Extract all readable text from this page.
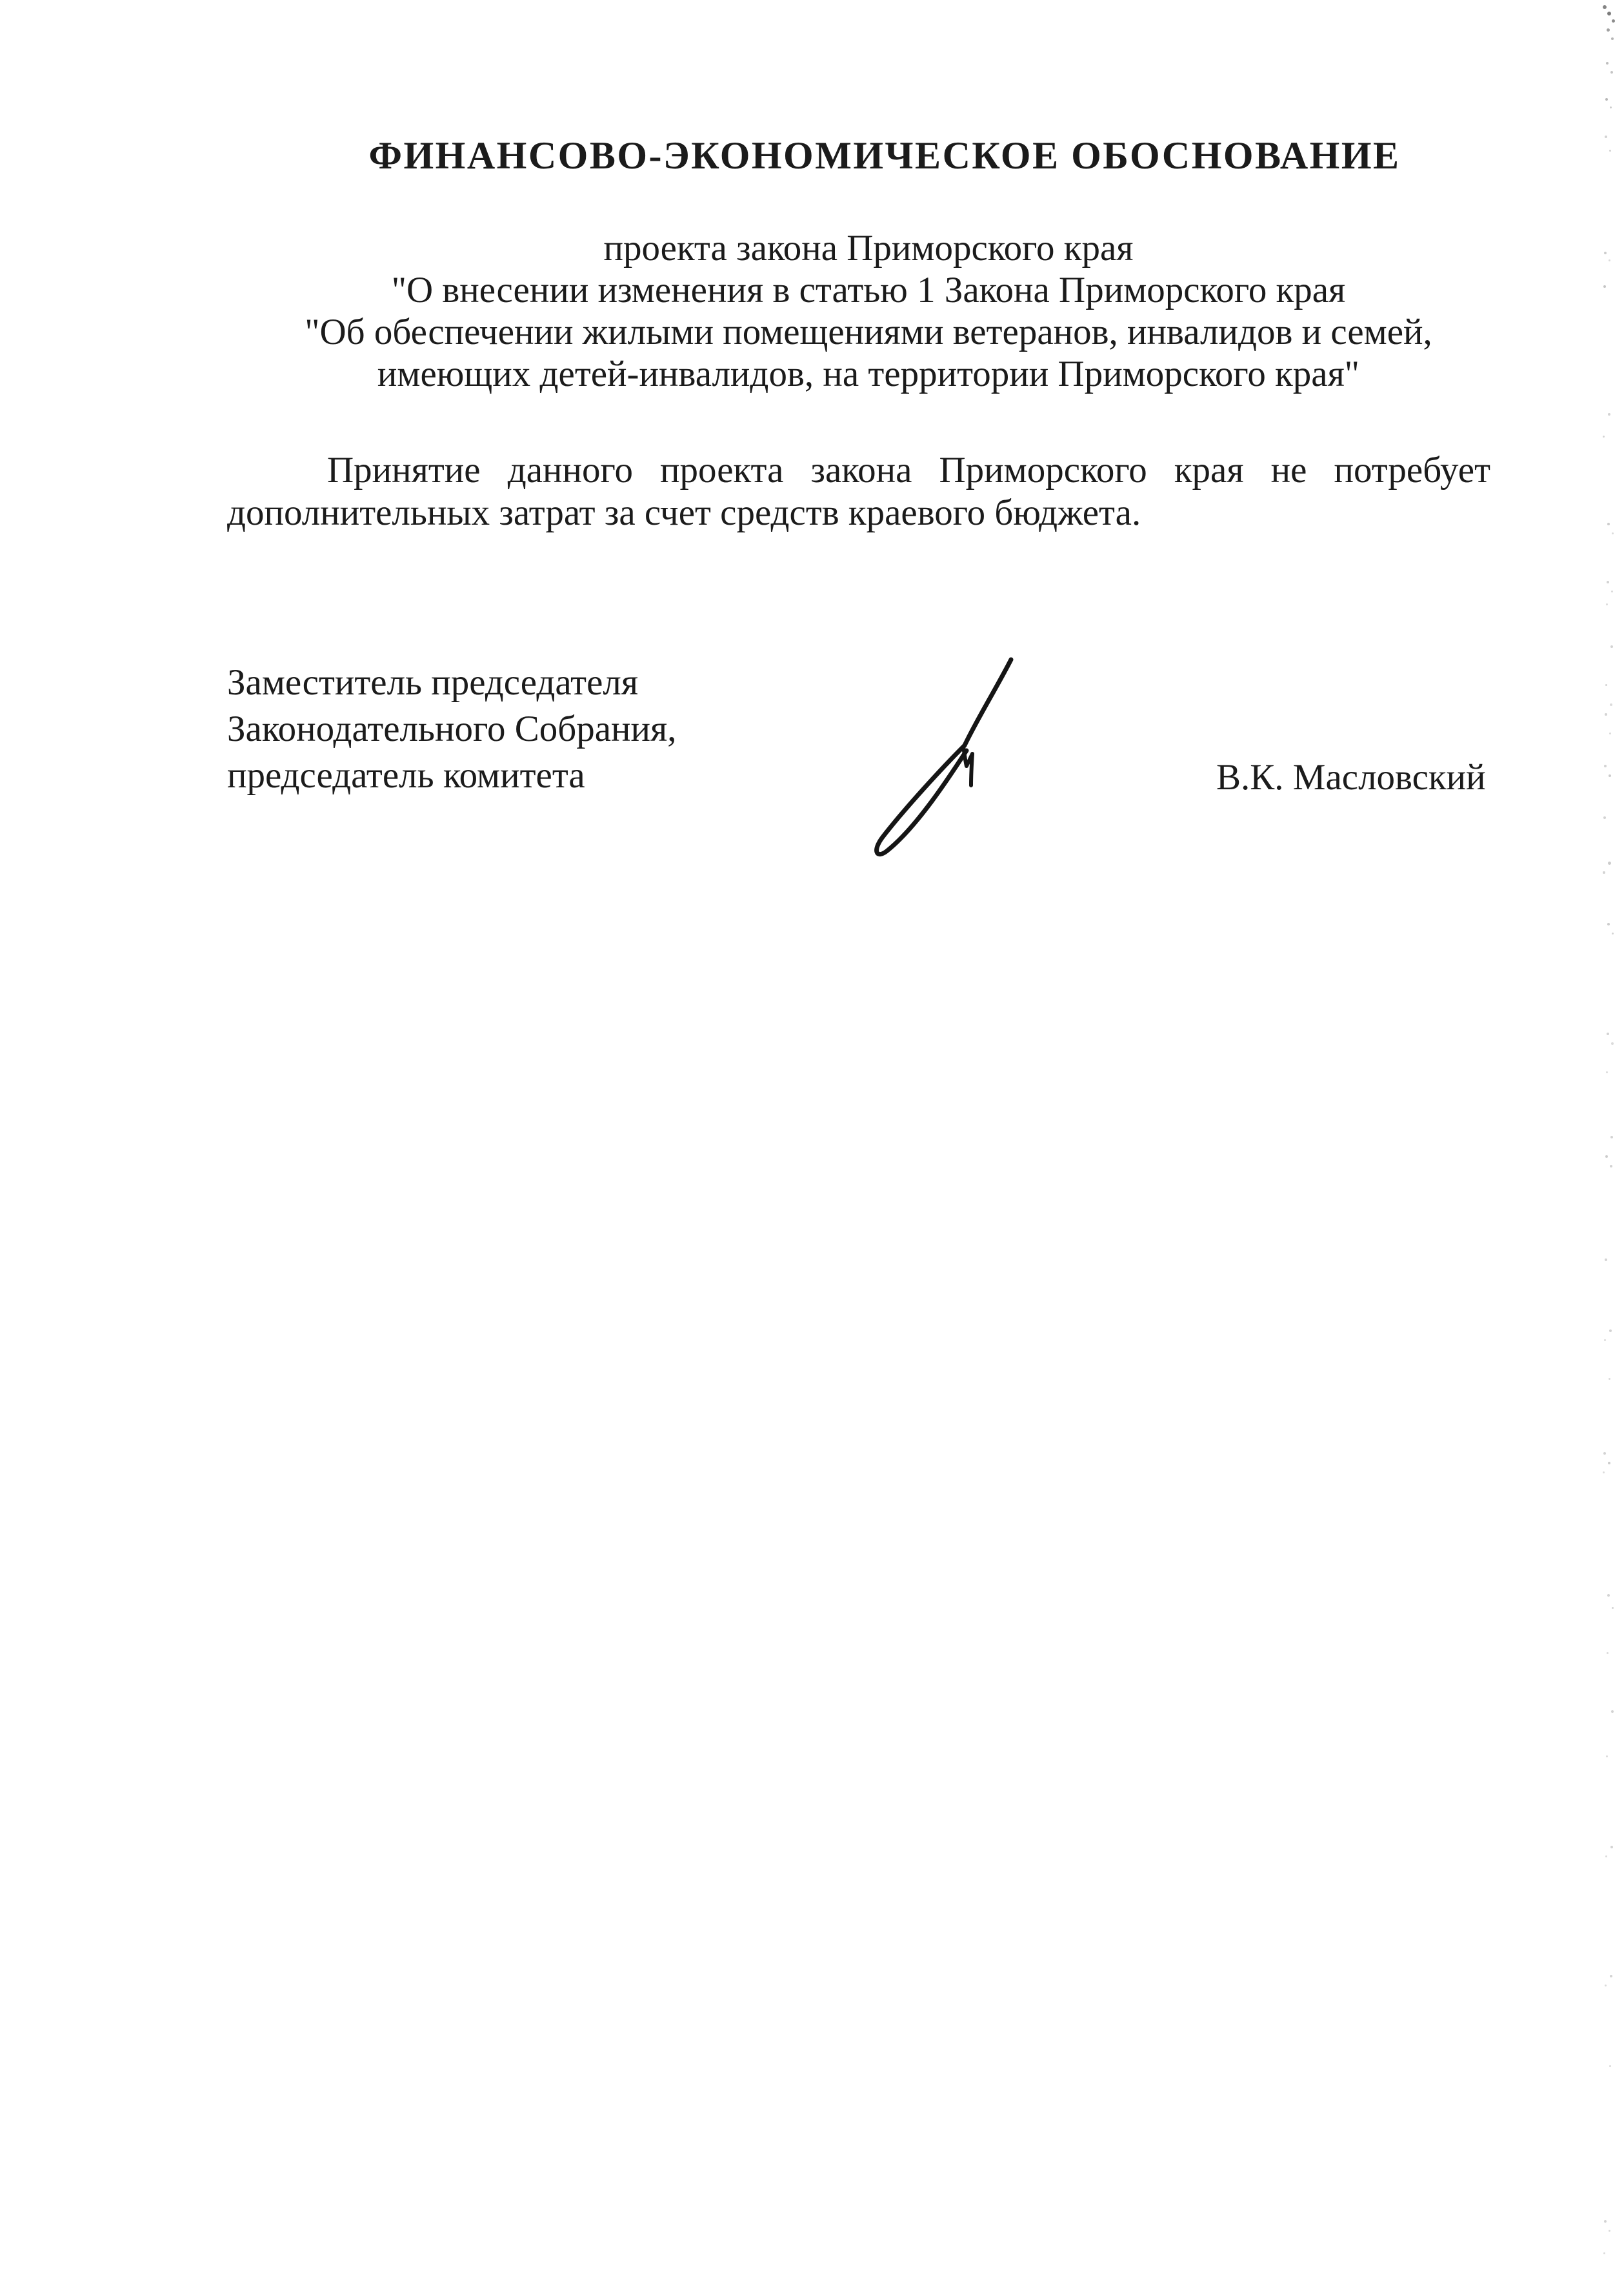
ФИНАНСОВО-ЭКОНОМИЧЕСКОЕ ОБОСНОВАНИЕ
проекта закона Приморского края
"О внесении изменения в статью 1 Закона Приморского края
"Об обеспечении жилыми помещениями ветеранов, инвалидов и семей,
имеющих детей-инвалидов, на территории Приморского края"
Принятие данного проекта закона Приморского края не потребует
дополнительных затрат за счет средств краевого бюджета.
Заместитель председателя
Законодательного Собрания,
председатель комитета	В.К. Масловский
